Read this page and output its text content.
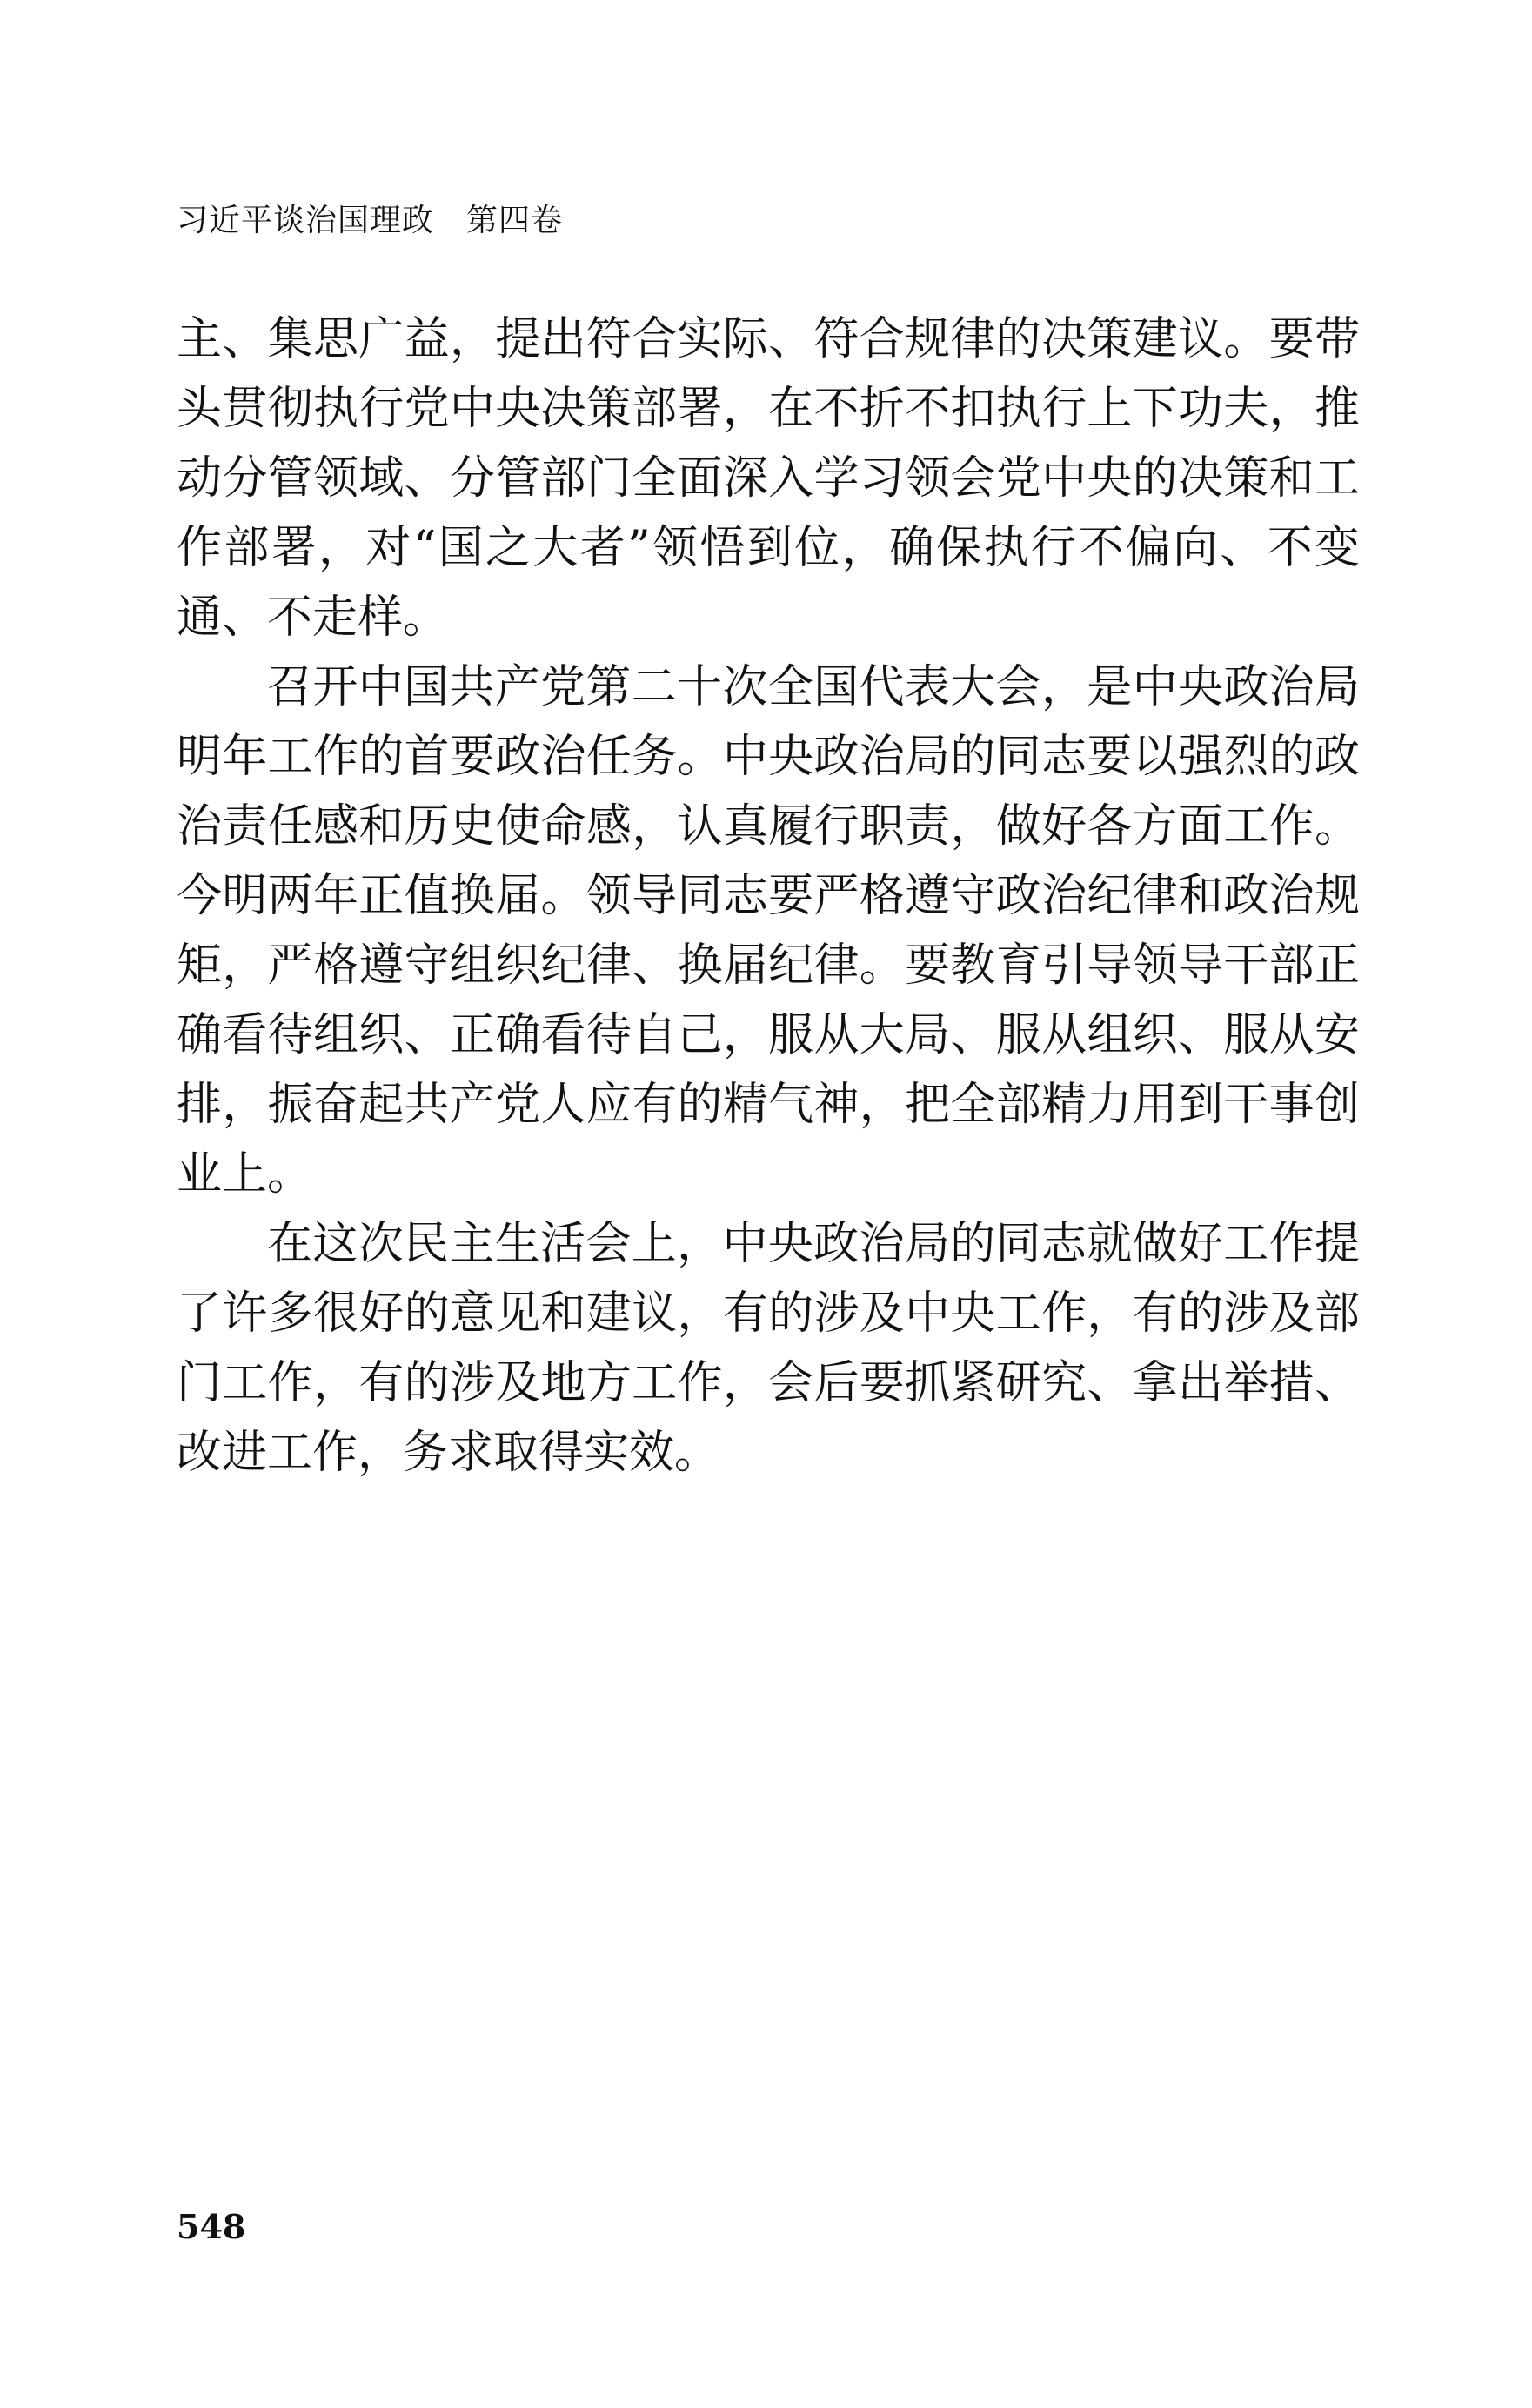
习近平谈治国理政　第四卷

主、集思广益，提出符合实际、符合规律的决策建议。要带头贯彻执行党中央决策部署，在不折不扣执行上下功夫，推动分管领域、分管部门全面深入学习领会党中央的决策和工作部署，对“国之大者”领悟到位，确保执行不偏向、不变通、不走样。

召开中国共产党第二十次全国代表大会，是中央政治局明年工作的首要政治任务。中央政治局的同志要以强烈的政治责任感和历史使命感，认真履行职责，做好各方面工作。今明两年正值换届。领导同志要严格遵守政治纪律和政治规矩，严格遵守组织纪律、换届纪律。要教育引导领导干部正确看待组织、正确看待自己，服从大局、服从组织、服从安排，振奋起共产党人应有的精气神，把全部精力用到干事创业上。

在这次民主生活会上，中央政治局的同志就做好工作提了许多很好的意见和建议，有的涉及中央工作，有的涉及部门工作，有的涉及地方工作，会后要抓紧研究、拿出举措、改进工作，务求取得实效。

548
